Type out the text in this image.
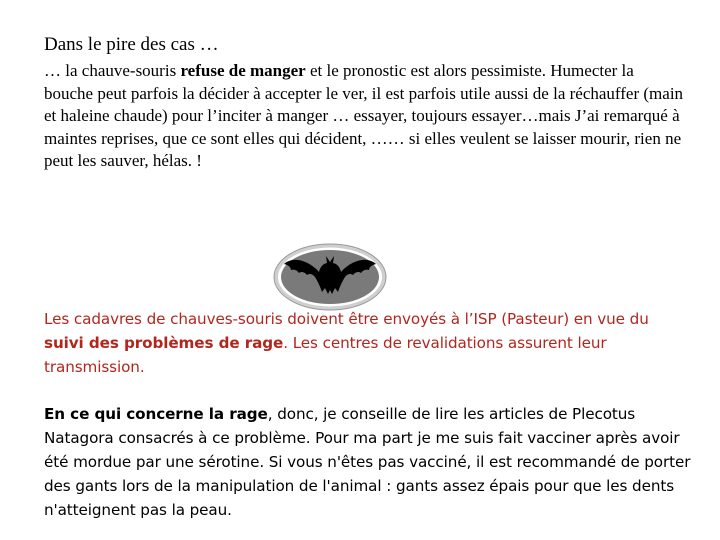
Dans le pire des cas …

… la chauve-souris refuse de manger et le pronostic est alors pessimiste. Humecter la bouche peut parfois la décider à accepter le ver, il est parfois utile aussi de la réchauffer (main et haleine chaude) pour l’inciter à manger … essayer, toujours essayer…mais J’ai remarqué à maintes reprises, que ce sont elles qui décident, …… si elles veulent se laisser mourir, rien ne peut les sauver, hélas. !

Les cadavres de chauves-souris doivent être envoyés à l’ISP (Pasteur) en vue du suivi des problèmes de rage. Les centres de revalidations assurent leur transmission.

En ce qui concerne la rage, donc, je conseille de lire les articles de Plecotus Natagora consacrés à ce problème. Pour ma part je me suis fait vacciner après avoir été mordue par une sérotine. Si vous n'êtes pas vacciné, il est recommandé de porter des gants lors de la manipulation de l'animal : gants assez épais pour que les dents n'atteignent pas la peau.
